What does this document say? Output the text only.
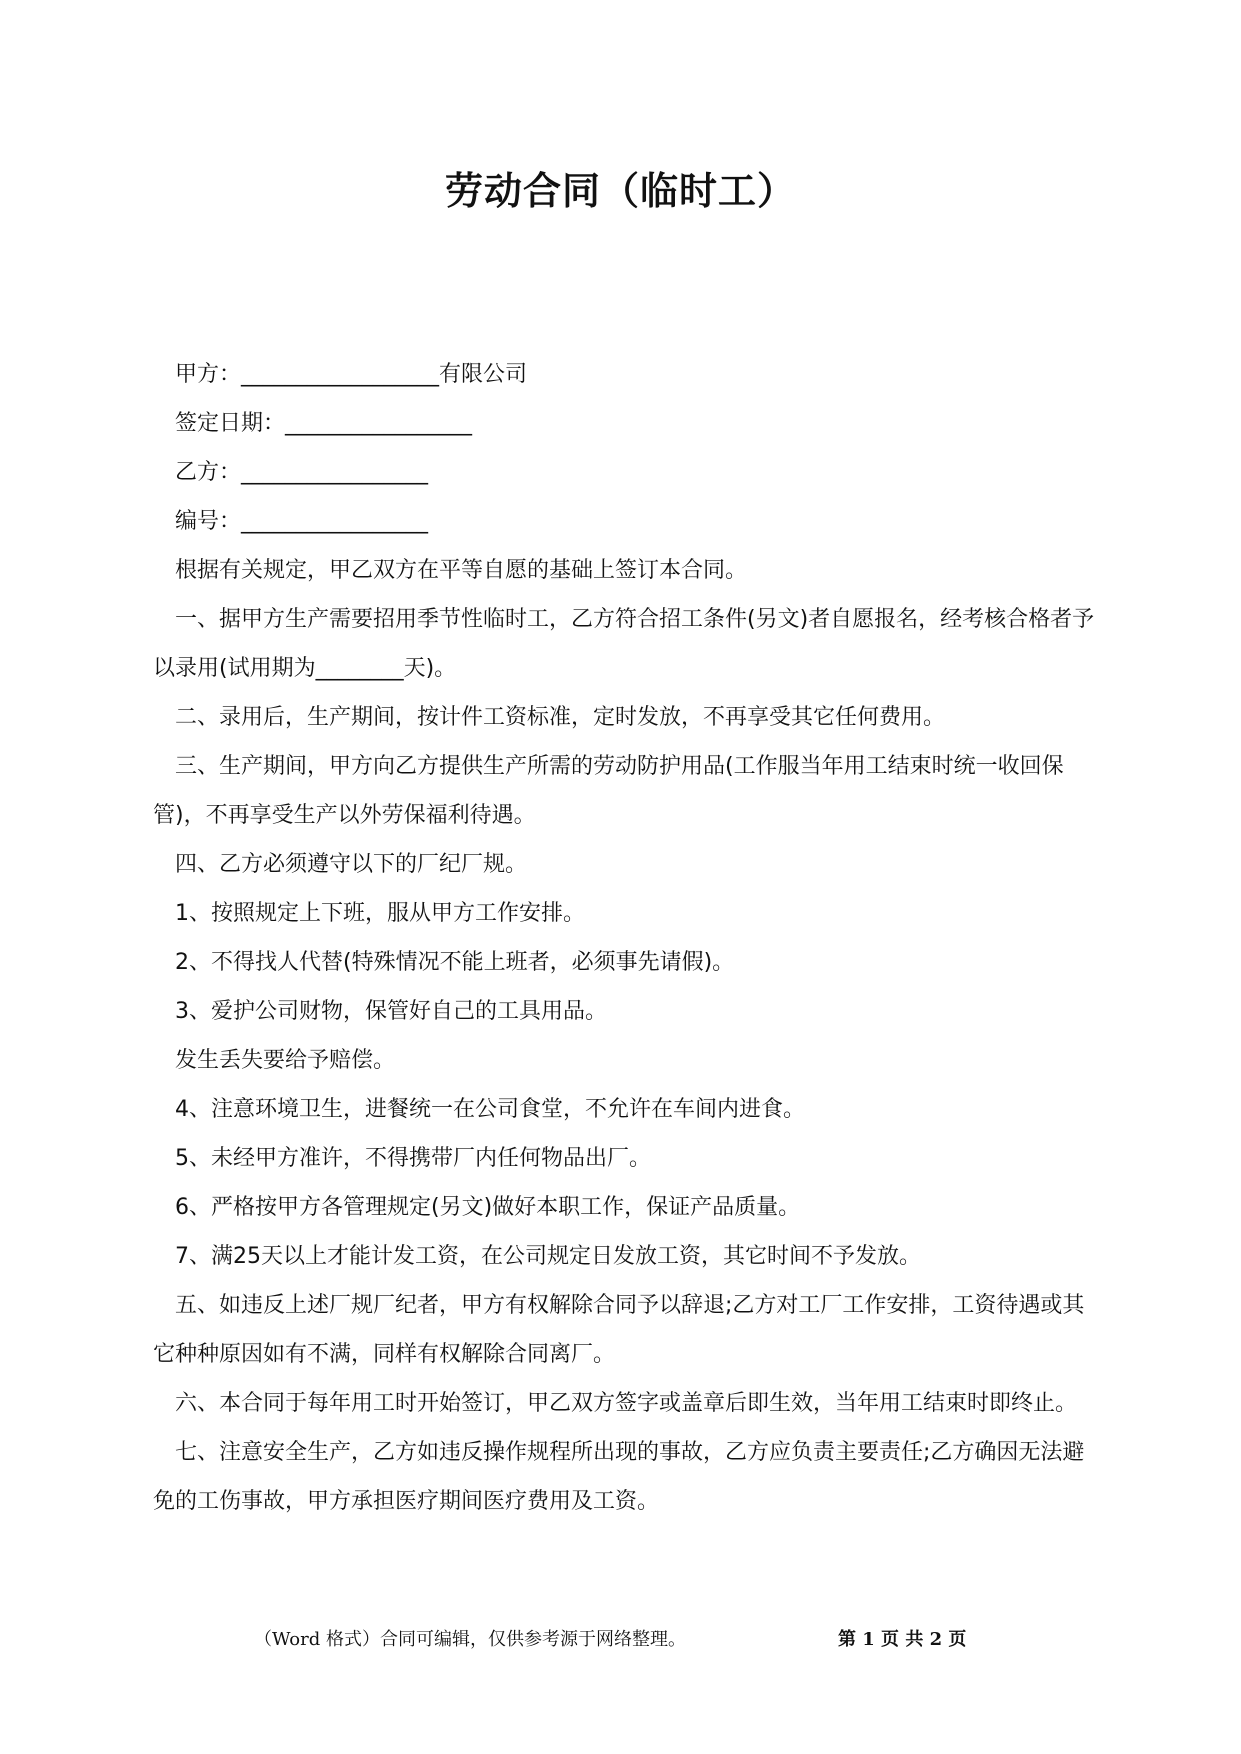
劳动合同（临时工）

甲方：__________________有限公司

签定日期：_________________

乙方：_________________

编号：_________________

根据有关规定，甲乙双方在平等自愿的基础上签订本合同。

一、据甲方生产需要招用季节性临时工，乙方符合招工条件(另文)者自愿报名，经考核合格者予以录用(试用期为________天)。

二、录用后，生产期间，按计件工资标准，定时发放，不再享受其它任何费用。

三、生产期间，甲方向乙方提供生产所需的劳动防护用品(工作服当年用工结束时统一收回保管)，不再享受生产以外劳保福利待遇。

四、乙方必须遵守以下的厂纪厂规。

1、按照规定上下班，服从甲方工作安排。

2、不得找人代替(特殊情况不能上班者，必须事先请假)。

3、爱护公司财物，保管好自己的工具用品。

发生丢失要给予赔偿。

4、注意环境卫生，进餐统一在公司食堂，不允许在车间内进食。

5、未经甲方准许，不得携带厂内任何物品出厂。

6、严格按甲方各管理规定(另文)做好本职工作，保证产品质量。

7、满25天以上才能计发工资，在公司规定日发放工资，其它时间不予发放。

五、如违反上述厂规厂纪者，甲方有权解除合同予以辞退;乙方对工厂工作安排，工资待遇或其它种种原因如有不满，同样有权解除合同离厂。

六、本合同于每年用工时开始签订，甲乙双方签字或盖章后即生效，当年用工结束时即终止。

七、注意安全生产，乙方如违反操作规程所出现的事故，乙方应负责主要责任;乙方确因无法避免的工伤事故，甲方承担医疗期间医疗费用及工资。

（Word 格式）合同可编辑，仅供参考源于网络整理。	第 1 页 共 2 页
